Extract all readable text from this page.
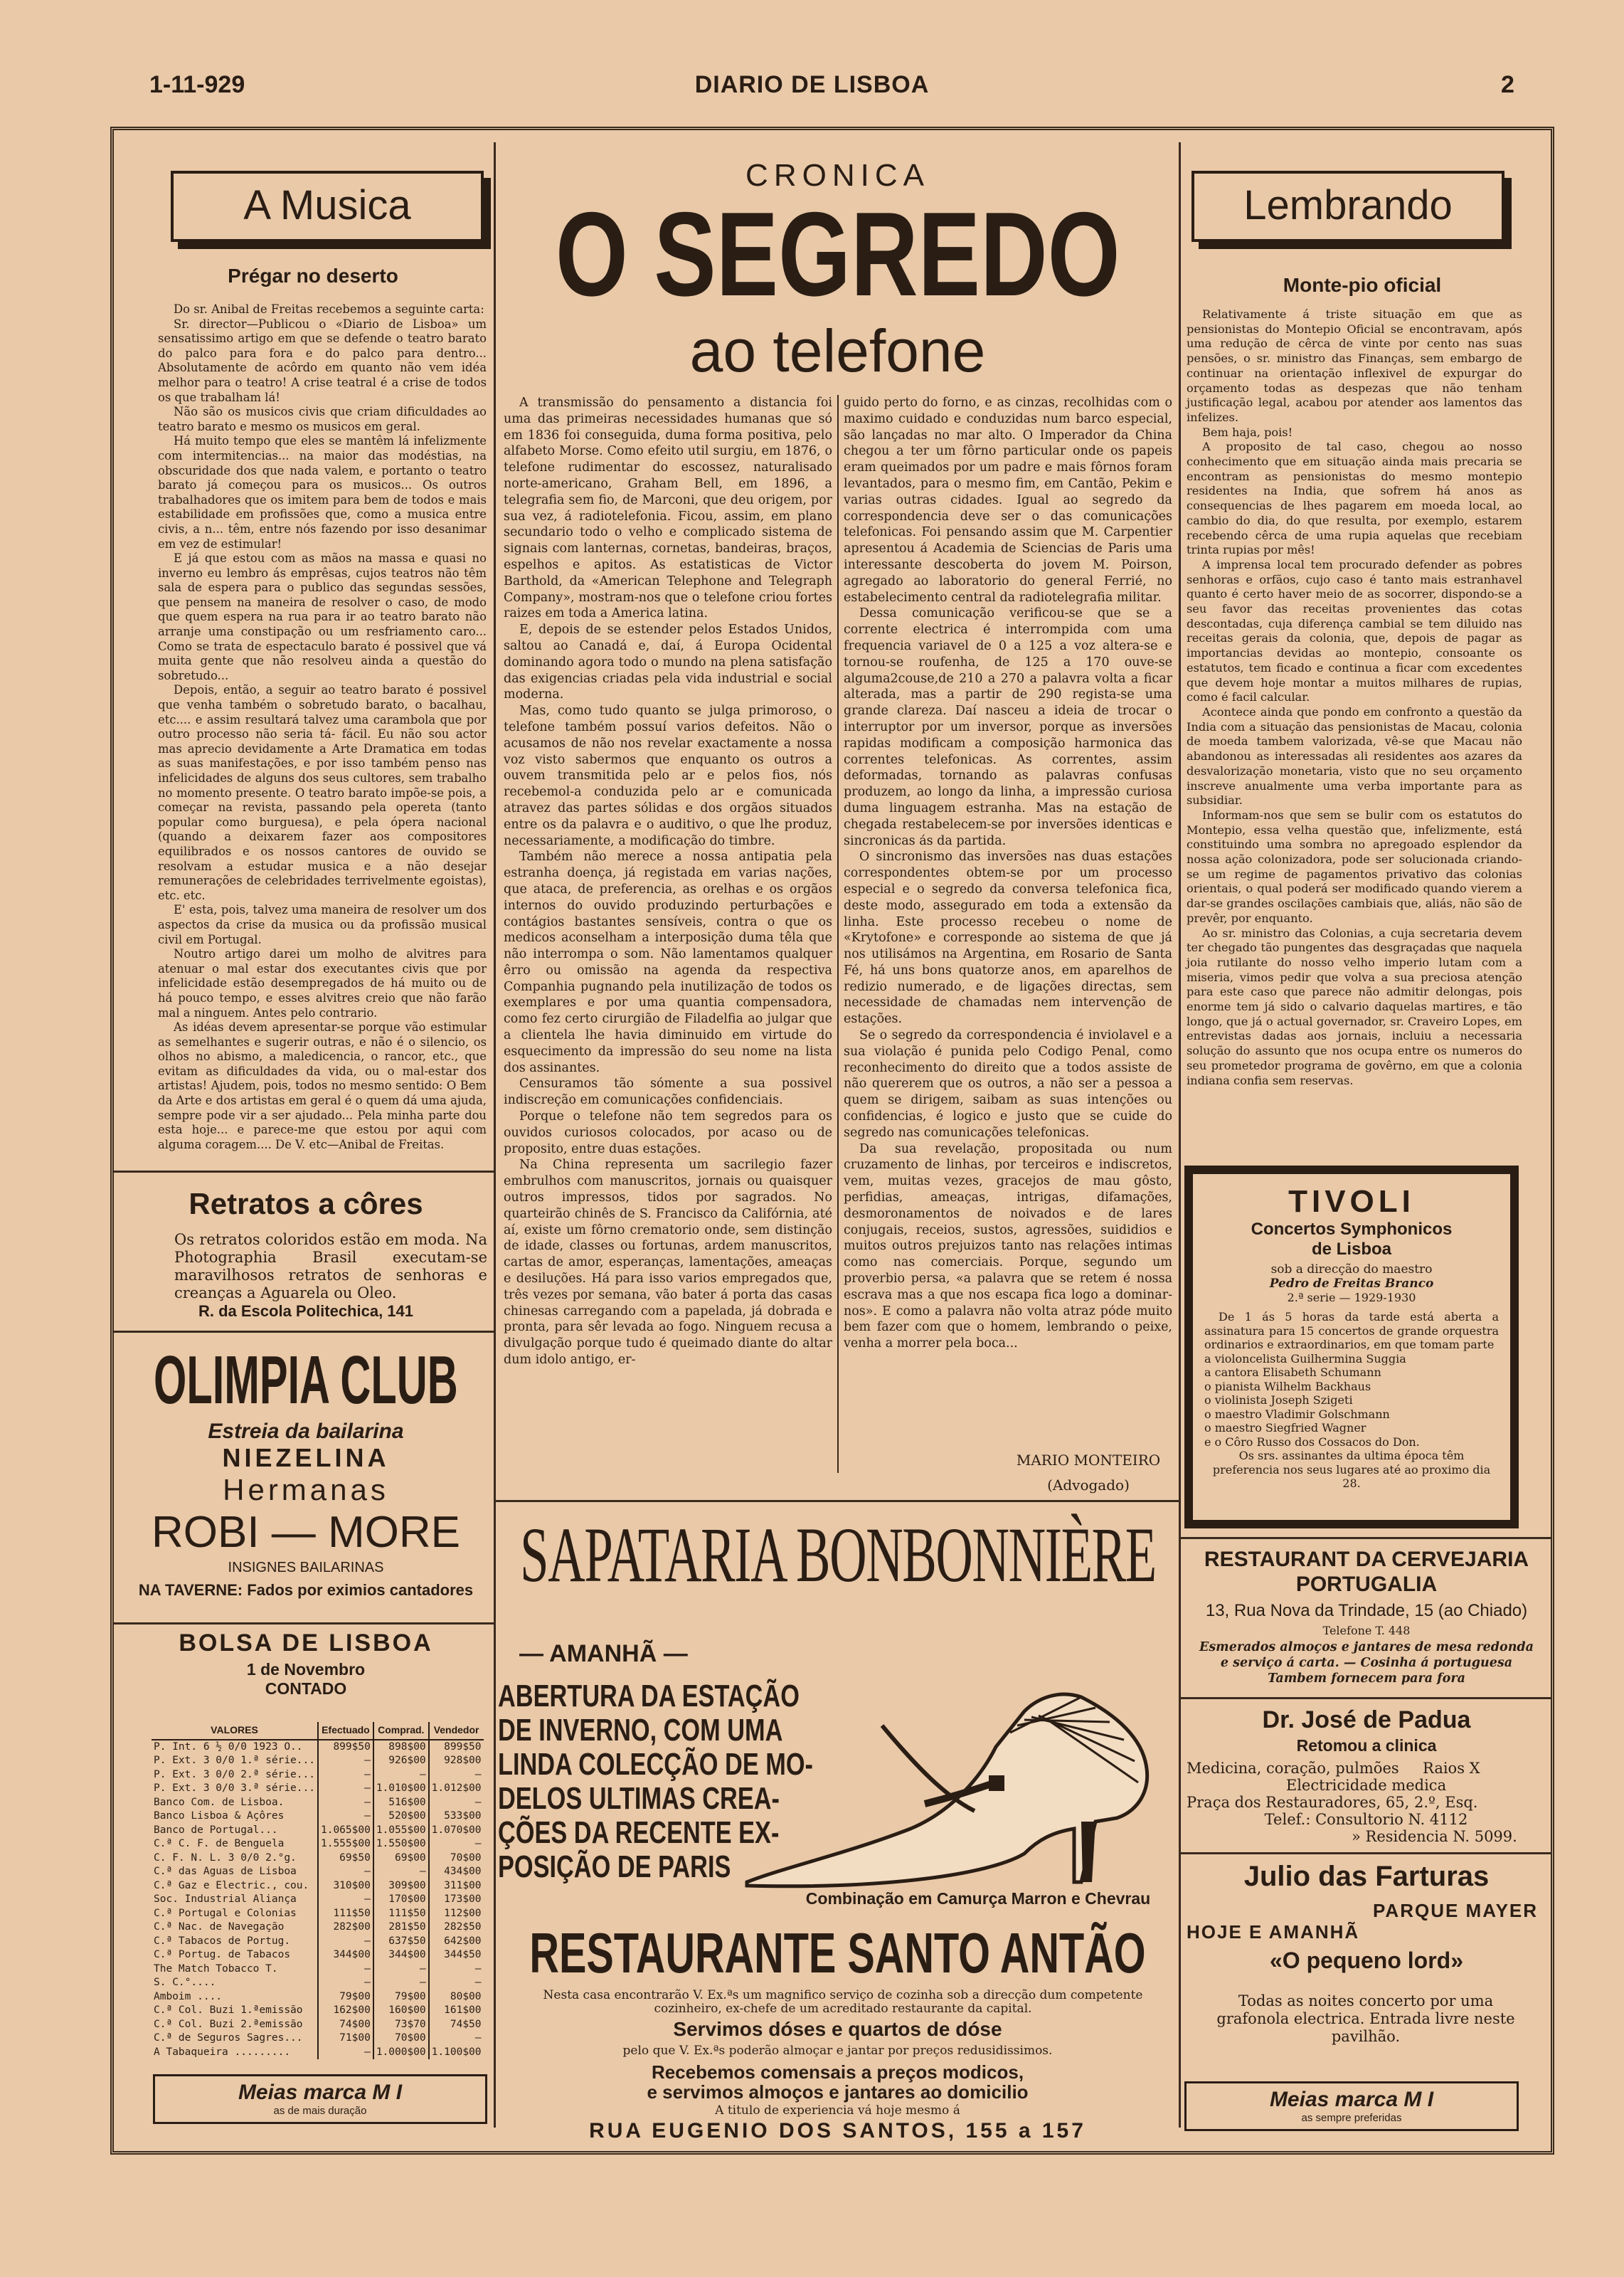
1-11-929	DIARIO DE LISBOA	2
A Musica
Prégar no deserto

Do sr. Anibal de Freitas recebemos a seguinte carta:

Sr. director—Publicou o «Diario de Lisboa» um sensatissimo artigo em que se defende o teatro barato do palco para fora e do palco para dentro... Absolutamente de acôrdo em quanto não vem idéa melhor para o teatro! A crise teatral é a crise de todos os que trabalham lá!

Não são os musicos civis que criam dificuldades ao teatro barato e mesmo os musicos em geral.

Há muito tempo que eles se mantêm lá infelizmente com intermitencias... na maior das modéstias, na obscuridade dos que nada valem, e portanto o teatro barato já começou para os musicos... Os outros trabalhadores que os imitem para bem de todos e mais estabilidade em profissões que, como a musica entre civis, a n... têm, entre nós fazendo por isso desanimar em vez de estimular!

E já que estou com as mãos na massa e quasi no inverno eu lembro ás emprêsas, cujos teatros não têm sala de espera para o publico das segundas sessões, que pensem na maneira de resolver o caso, de modo que quem espera na rua para ir ao teatro barato não arranje uma constipação ou um resfriamento caro... Como se trata de espectaculo barato é possivel que vá muita gente que não resolveu ainda a questão do sobretudo...

Depois, então, a seguir ao teatro barato é possivel que venha também o sobretudo barato, o bacalhau, etc.... e assim resultará talvez uma carambola que por outro processo não seria tá- fácil. Eu não sou actor mas aprecio devidamente a Arte Dramatica em todas as suas manifestações, e por isso também penso nas infelicidades de alguns dos seus cultores, sem trabalho no momento presente. O teatro barato impõe-se pois, a começar na revista, passando pela opereta (tanto popular como burguesa), e pela ópera nacional (quando a deixarem fazer aos compositores equilibrados e os nossos cantores de ouvido se resolvam a estudar musica e a não desejar remunerações de celebridades terrivelmente egoistas), etc. etc.

E' esta, pois, talvez uma maneira de resolver um dos aspectos da crise da musica ou da profissão musical civil em Portugal.

Noutro artigo darei um molho de alvitres para atenuar o mal estar dos executantes civis que por infelicidade estão desempregados de há muito ou de há pouco tempo, e esses alvitres creio que não farão mal a ninguem. Antes pelo contrario.

As idéas devem apresentar-se porque vão estimular as semelhantes e sugerir outras, e não é o silencio, os olhos no abismo, a maledicencia, o rancor, etc., que evitam as dificuldades da vida, ou o mal-estar dos artistas! Ajudem, pois, todos no mesmo sentido: O Bem da Arte e dos artistas em geral é o quem dá uma ajuda, sempre pode vir a ser ajudado... Pela minha parte dou esta hoje... e parece-me que estou por aqui com alguma coragem.... De V. etc—Anibal de Freitas.

Retratos a côres
Os retratos coloridos estão em moda. Na Photographia Brasil executam-se maravilhosos retratos de senhoras e creanças a Aguarela ou Oleo.
R. da Escola Politechica, 141
OLIMPIA CLUB
Estreia da bailarina
NIEZELINA
Hermanas
ROBI — MORE
INSIGNES BAILARINAS
NA TAVERNE: Fados por eximios cantadores
BOLSA DE LISBOA
1 de Novembro
CONTADO
VALORES	Efectuado	Comprad.	Vendedor
P. Int. 6 ½ 0/0 1923 O..	899$50	898$00	899$50
P. Ext. 3 0/0 1.ª série...	—	926$00	928$00
P. Ext. 3 0/0 2.ª série...	—	—	—
P. Ext. 3 0/0 3.ª série...	—	1.010$00	1.012$00
Banco Com. de Lisboa.	—	516$00	—
Banco Lisboa & Açôres	—	520$00	533$00
Banco de Portugal...	1.065$00	1.055$00	1.070$00
C.ª C. F. de Benguela	1.555$00	1.550$00	—
C. F. N. L. 3 0/0 2.°g.	69$50	69$00	70$00
C.ª das Aguas de Lisboa	—	—	434$00
C.ª Gaz e Electric., cou.	310$00	309$00	311$00
Soc. Industrial Aliança	—	170$00	173$00
C.ª Portugal e Colonias	111$50	111$50	112$00
C.ª Nac. de Navegação	282$00	281$50	282$50
C.ª Tabacos de Portug.	—	637$50	642$00
C.ª Portug. de Tabacos	344$00	344$00	344$50
The Match Tobacco T.	—	—	—
S. C.°....	—	—	—
Amboim ....	79$00	79$00	80$00
C.ª Col. Buzi 1.ªemissão	162$00	160$00	161$00
C.ª Col. Buzi 2.ªemissão	74$00	73$70	74$50
C.ª de Seguros Sagres...	71$00	70$00	—
A Tabaqueira .........	—	1.000$00	1.100$00
Meias marca M I
as de mais duração
CRONICA
O SEGREDO
ao telefone

A transmissão do pensamento a distancia foi uma das primeiras necessidades humanas que só em 1836 foi conseguida, duma forma positiva, pelo alfabeto Morse. Como efeito util surgiu, em 1876, o telefone rudimentar do escossez, naturalisado norte-americano, Graham Bell, em 1896, a telegrafia sem fio, de Marconi, que deu origem, por sua vez, á radiotelefonia. Ficou, assim, em plano secundario todo o velho e complicado sistema de signais com lanternas, cornetas, bandeiras, braços, espelhos e apitos. As estatisticas de Victor Barthold, da «American Telephone and Telegraph Company», mostram-nos que o telefone criou fortes raizes em toda a America latina.

E, depois de se estender pelos Estados Unidos, saltou ao Canadá e, daí, á Europa Ocidental dominando agora todo o mundo na plena satisfação das exigencias criadas pela vida industrial e social moderna.

Mas, como tudo quanto se julga primoroso, o telefone também possuí varios defeitos. Não o acusamos de não nos revelar exactamente a nossa voz visto sabermos que enquanto os outros a ouvem transmitida pelo ar e pelos fios, nós recebemol-a conduzida pelo ar e comunicada atravez das partes sólidas e dos orgãos situados entre os da palavra e o auditivo, o que lhe produz, necessariamente, a modificação do timbre.

Também não merece a nossa antipatia pela estranha doença, já registada em varias nações, que ataca, de preferencia, as orelhas e os orgãos internos do ouvido produzindo perturbações e contágios bastantes sensíveis, contra o que os medicos aconselham a interposição duma têla que não interrompa o som. Não lamentamos qualquer êrro ou omissão na agenda da respectiva Companhia pugnando pela inutilização de todos os exemplares e por uma quantia compensadora, como fez certo cirurgião de Filadelfia ao julgar que a clientela lhe havia diminuido em virtude do esquecimento da impressão do seu nome na lista dos assinantes.

Censuramos tão sómente a sua possivel indiscreção em comunicações confidenciais.

Porque o telefone não tem segredos para os ouvidos curiosos colocados, por acaso ou de proposito, entre duas estações.

Na China representa um sacrilegio fazer embrulhos com manuscritos, jornais ou quaisquer outros impressos, tidos por sagrados. No quarteirão chinês de S. Francisco da Califórnia, até aí, existe um fôrno crematorio onde, sem distinção de idade, classes ou fortunas, ardem manuscritos, cartas de amor, esperanças, lamentações, ameaças e desiluções. Há para isso varios empregados que, três vezes por semana, vão bater á porta das casas chinesas carregando com a papelada, já dobrada e pronta, para sêr levada ao fogo. Ninguem recusa a divulgação porque tudo é queimado diante do altar dum idolo antigo, er-

guido perto do forno, e as cinzas, recolhidas com o maximo cuidado e conduzidas num barco especial, são lançadas no mar alto. O Imperador da China chegou a ter um fôrno particular onde os papeis eram queimados por um padre e mais fôrnos foram levantados, para o mesmo fim, em Cantão, Pekim e varias outras cidades. Igual ao segredo da correspondencia deve ser o das comunicações telefonicas. Foi pensando assim que M. Carpentier apresentou á Academia de Sciencias de Paris uma interessante descoberta do jovem M. Poirson, agregado ao laboratorio do general Ferrié, no estabelecimento central da radiotelegrafia militar.

Dessa comunicação verificou-se que se a corrente electrica é interrompida com uma frequencia variavel de 0 a 125 a voz altera-se e tornou-se roufenha, de 125 a 170 ouve-se alguma2couse,de 210 a 270 a palavra volta a ficar alterada, mas a partir de 290 regista-se uma grande clareza. Daí nasceu a ideia de trocar o interruptor por um inversor, porque as inversões rapidas modificam a composição harmonica das correntes telefonicas. As correntes, assim deformadas, tornando as palavras confusas produzem, ao longo da linha, a impressão curiosa duma linguagem estranha. Mas na estação de chegada restabelecem-se por inversões identicas e sincronicas ás da partida.

O sincronismo das inversões nas duas estações correspondentes obtem-se por um processo especial e o segredo da conversa telefonica fica, deste modo, assegurado em toda a extensão da linha. Este processo recebeu o nome de «Krytofone» e corresponde ao sistema de que já nos utilisámos na Argentina, em Rosario de Santa Fé, há uns bons quatorze anos, em aparelhos de redizio numerado, e de ligações directas, sem necessidade de chamadas nem intervenção de estações.

Se o segredo da correspondencia é inviolavel e a sua violação é punida pelo Codigo Penal, como reconhecimento do direito que a todos assiste de não quererem que os outros, a não ser a pessoa a quem se dirigem, saibam as suas intenções ou confidencias, é logico e justo que se cuide do segredo nas comunicações telefonicas.

Da sua revelação, propositada ou num cruzamento de linhas, por terceiros e indiscretos, vem, muitas vezes, gracejos de mau gôsto, perfidias, ameaças, intrigas, difamações, desmoronamentos de noivados e de lares conjugais, receios, sustos, agressões, suididios e muitos outros prejuizos tanto nas relações intimas como nas comerciais. Porque, segundo um proverbio persa, «a palavra que se retem é nossa escrava mas a que nos escapa fica logo a dominar-nos». E como a palavra não volta atraz póde muito bem fazer com que o homem, lembrando o peixe, venha a morrer pela boca...

MARIO MONTEIRO
(Advogado)
SAPATARIA BONBONNIÈRE
— AMANHÃ —
ABERTURA DA ESTAÇÃO
DE INVERNO, COM UMA
LINDA COLECÇÃO DE MO-
DELOS ULTIMAS CREA-
ÇÕES DA RECENTE EX-
POSIÇÃO DE PARIS
Combinação em Camurça Marron e Chevrau
RESTAURANTE SANTO ANTÃO
Nesta casa encontrarão V. Ex.ªs um magnifico serviço de cozinha sob a direcção dum competente cozinheiro, ex-chefe de um acreditado restaurante da capital.
Servimos dóses e quartos de dóse
pelo que V. Ex.ªs poderão almoçar e jantar por preços redusidissimos.
Recebemos comensais a preços modicos,
e servimos almoços e jantares ao domicilio
A titulo de experiencia vá hoje mesmo á
RUA EUGENIO DOS SANTOS, 155 a 157
Lembrando
Monte-pio oficial

Relativamente á triste situação em que as pensionistas do Montepio Oficial se encontravam, após uma redução de cêrca de vinte por cento nas suas pensões, o sr. ministro das Finanças, sem embargo de continuar na orientação inflexivel de expurgar do orçamento todas as despezas que não tenham justificação legal, acabou por atender aos lamentos das infelizes.

Bem haja, pois!

A proposito de tal caso, chegou ao nosso conhecimento que em situação ainda mais precaria se encontram as pensionistas do mesmo montepio residentes na India, que sofrem há anos as consequencias de lhes pagarem em moeda local, ao cambio do dia, do que resulta, por exemplo, estarem recebendo cêrca de uma rupia aquelas que recebiam trinta rupias por mês!

A imprensa local tem procurado defender as pobres senhoras e orfãos, cujo caso é tanto mais estranhavel quanto é certo haver meio de as socorrer, dispondo-se a seu favor das receitas provenientes das cotas descontadas, cuja diferença cambial se tem diluido nas receitas gerais da colonia, que, depois de pagar as importancias devidas ao montepio, consoante os estatutos, tem ficado e continua a ficar com excedentes que devem hoje montar a muitos milhares de rupias, como é facil calcular.

Acontece ainda que pondo em confronto a questão da India com a situação das pensionistas de Macau, colonia de moeda tambem valorizada, vê-se que Macau não abandonou as interessadas ali residentes aos azares da desvalorização monetaria, visto que no seu orçamento inscreve anualmente uma verba importante para as subsidiar.

Informam-nos que sem se bulir com os estatutos do Montepio, essa velha questão que, infelizmente, está constituindo uma sombra no apregoado esplendor da nossa ação colonizadora, pode ser solucionada criando-se um regime de pagamentos privativo das colonias orientais, o qual poderá ser modificado quando vierem a dar-se grandes oscilações cambiais que, aliás, não são de prevêr, por enquanto.

Ao sr. ministro das Colonias, a cuja secretaria devem ter chegado tão pungentes das desgraçadas que naquela joia rutilante do nosso velho imperio lutam com a miseria, vimos pedir que volva a sua preciosa atenção para este caso que parece não admitir delongas, pois enorme tem já sido o calvario daquelas martires, e tão longo, que já o actual governador, sr. Craveiro Lopes, em entrevistas dadas aos jornais, incluiu a necessaria solução do assunto que nos ocupa entre os numeros do seu prometedor programa de govêrno, em que a colonia indiana confia sem reservas.

TIVOLI
Concertos Symphonicos
de Lisboa
sob a direcção do maestro
Pedro de Freitas Branco
2.ª serie — 1929-1930
De 1 ás 5 horas da tarde está aberta a assinatura para 15 concertos de grande orquestra ordinarios e extraordinarios, em que tomam parte
a violoncelista Guilhermina Suggia
a cantora Elisabeth Schumann
o pianista Wilhelm Backhaus
o violinista Joseph Szigeti
o maestro Vladimir Golschmann
o maestro Siegfried Wagner
e o Côro Russo dos Cossacos do Don.
Os srs. assinantes da ultima época têm preferencia nos seus lugares até ao proximo dia 28.
RESTAURANT DA CERVEJARIA
PORTUGALIA
13, Rua Nova da Trindade, 15 (ao Chiado)
Telefone T. 448
Esmerados almoços e jantares de mesa redonda
e serviço á carta. — Cosinha á portuguesa
Tambem fornecem para fora
Dr. José de Padua
Retomou a clinica
Medicina, coração, pulmões     Raios X
Electricidade medica
Praça dos Restauradores, 65, 2.º, Esq.
Telef.: Consultorio N. 4112
» Residencia N. 5099.
Julio das Farturas
PARQUE MAYER
HOJE E AMANHÃ
«O pequeno lord»
Todas as noites concerto por uma grafonola electrica. Entrada livre neste pavilhão.
Meias marca M I
as sempre preferidas
